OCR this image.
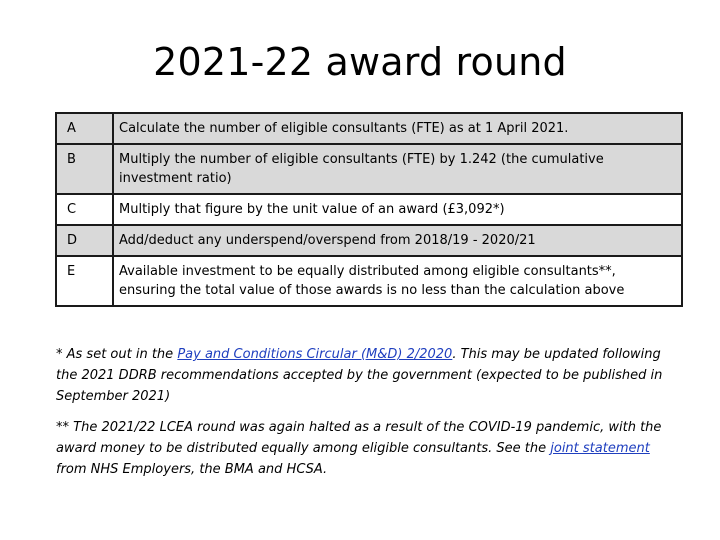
2021-22 award round
A	Calculate the number of eligible consultants (FTE) as at 1 April 2021.
B	Multiply the number of eligible consultants (FTE) by 1.242 (the cumulative investment ratio)
C	Multiply that figure by the unit value of an award (£3,092*)
D	Add/deduct any underspend/overspend from 2018/19 - 2020/21
E	Available investment to be equally distributed among eligible consultants**, ensuring the total value of those awards is no less than the calculation above

* As set out in the Pay and Conditions Circular (M&D) 2/2020. This may be updated following the 2021 DDRB recommendations accepted by the government (expected to be published in September 2021)

** The 2021/22 LCEA round was again halted as a result of the COVID-19 pandemic, with the award money to be distributed equally among eligible consultants. See the joint statement from NHS Employers, the BMA and HCSA.
